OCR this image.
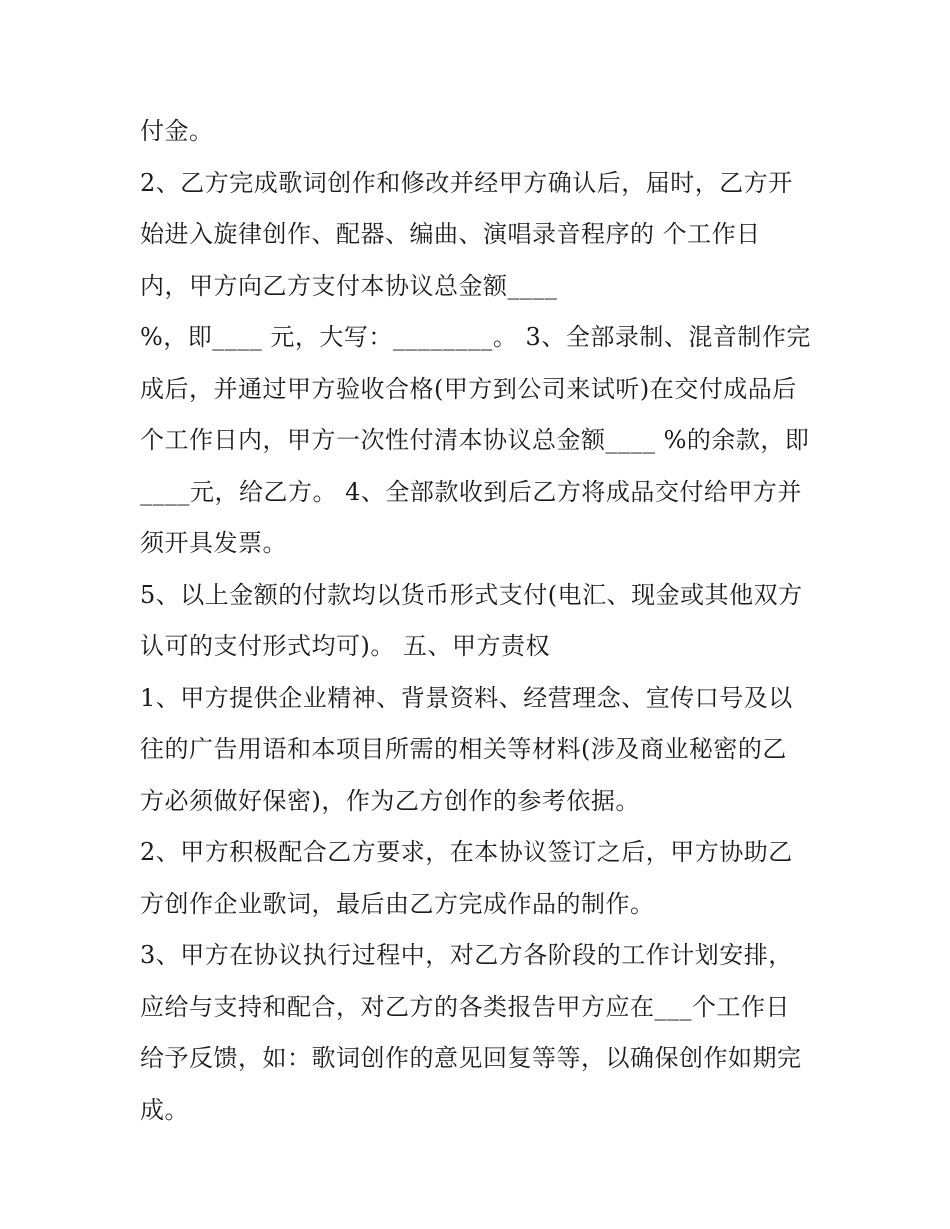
付金。
2、乙方完成歌词创作和修改并经甲方确认后，届时，乙方开
始进入旋律创作、配器、编曲、演唱录音程序的 个工作日
内，甲方向乙方支付本协议总金额____
%，即____ 元，大写：________。 3、全部录制、混音制作完
成后，并通过甲方验收合格(甲方到公司来试听)在交付成品后
个工作日内，甲方一次性付清本协议总金额____ %的余款，即
____元，给乙方。 4、全部款收到后乙方将成品交付给甲方并
须开具发票。
5、以上金额的付款均以货币形式支付(电汇、现金或其他双方
认可的支付形式均可)。 五、甲方责权
1、甲方提供企业精神、背景资料、经营理念、宣传口号及以
往的广告用语和本项目所需的相关等材料(涉及商业秘密的乙
方必须做好保密)，作为乙方创作的参考依据。
2、甲方积极配合乙方要求，在本协议签订之后，甲方协助乙
方创作企业歌词，最后由乙方完成作品的制作。
3、甲方在协议执行过程中，对乙方各阶段的工作计划安排，
应给与支持和配合，对乙方的各类报告甲方应在___个工作日
给予反馈，如：歌词创作的意见回复等等，以确保创作如期完
成。
